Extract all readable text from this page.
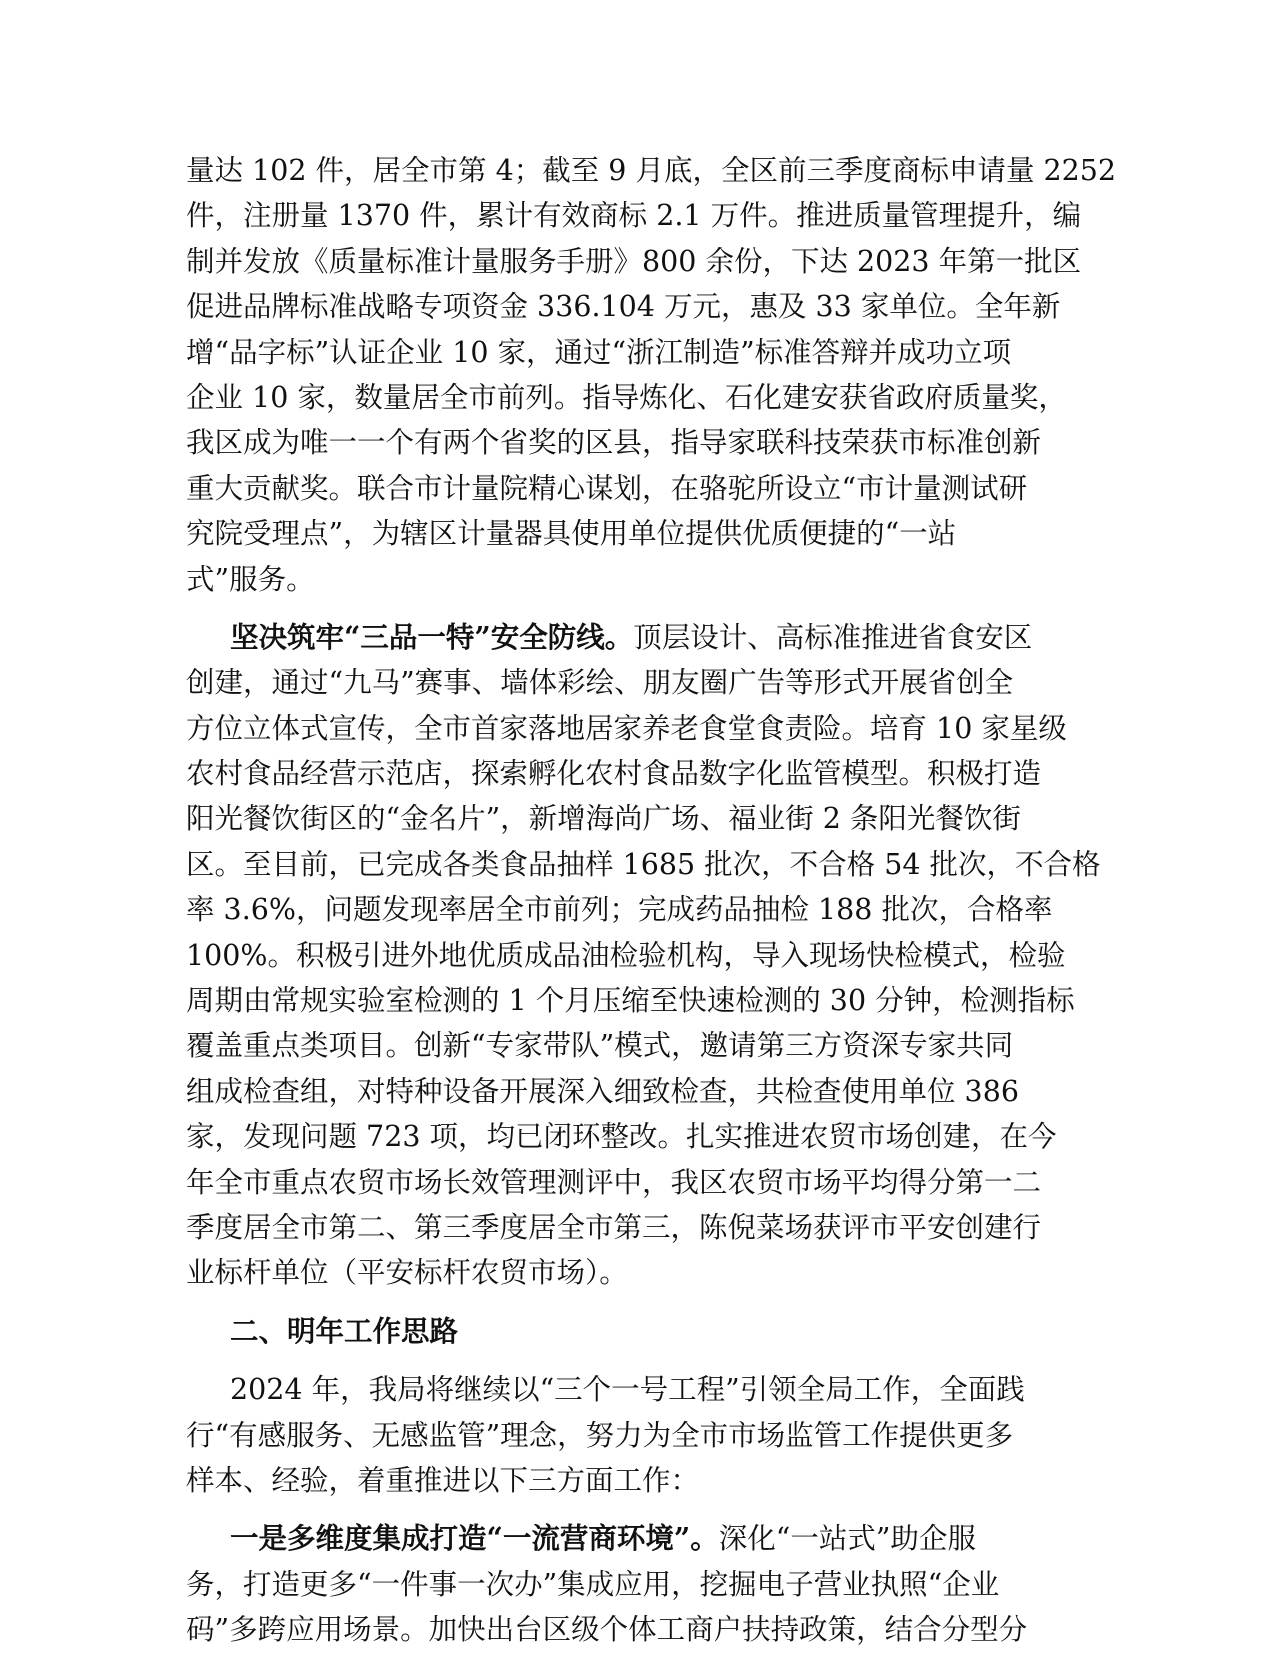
量达 102 件，居全市第 4；截至 9 月底，全区前三季度商标申请量 2252
件，注册量 1370 件，累计有效商标 2.1 万件。推进质量管理提升，编
制并发放《质量标准计量服务手册》800 余份，下达 2023 年第一批区
促进品牌标准战略专项资金 336.104 万元，惠及 33 家单位。全年新
增“品字标”认证企业 10 家，通过“浙江制造”标准答辩并成功立项
企业 10 家，数量居全市前列。指导炼化、石化建安获省政府质量奖，
我区成为唯一一个有两个省奖的区县，指导家联科技荣获市标准创新
重大贡献奖。联合市计量院精心谋划，在骆驼所设立“市计量测试研
究院受理点”，为辖区计量器具使用单位提供优质便捷的“一站
式”服务。
坚决筑牢“三品一特”安全防线。顶层设计、高标准推进省食安区
创建，通过“九马”赛事、墙体彩绘、朋友圈广告等形式开展省创全
方位立体式宣传，全市首家落地居家养老食堂食责险。培育 10 家星级
农村食品经营示范店，探索孵化农村食品数字化监管模型。积极打造
阳光餐饮街区的“金名片”，新增海尚广场、福业街 2 条阳光餐饮街
区。至目前，已完成各类食品抽样 1685 批次，不合格 54 批次，不合格
率 3.6%，问题发现率居全市前列；完成药品抽检 188 批次，合格率
100%。积极引进外地优质成品油检验机构，导入现场快检模式，检验
周期由常规实验室检测的 1 个月压缩至快速检测的 30 分钟，检测指标
覆盖重点类项目。创新“专家带队”模式，邀请第三方资深专家共同
组成检查组，对特种设备开展深入细致检查，共检查使用单位 386
家，发现问题 723 项，均已闭环整改。扎实推进农贸市场创建，在今
年全市重点农贸市场长效管理测评中，我区农贸市场平均得分第一二
季度居全市第二、第三季度居全市第三，陈倪菜场获评市平安创建行
业标杆单位（平安标杆农贸市场）。
二、明年工作思路
2024 年，我局将继续以“三个一号工程”引领全局工作，全面践
行“有感服务、无感监管”理念，努力为全市市场监管工作提供更多
样本、经验，着重推进以下三方面工作：
一是多维度集成打造“一流营商环境”。深化“一站式”助企服
务，打造更多“一件事一次办”集成应用，挖掘电子营业执照“企业
码”多跨应用场景。加快出台区级个体工商户扶持政策，结合分型分
